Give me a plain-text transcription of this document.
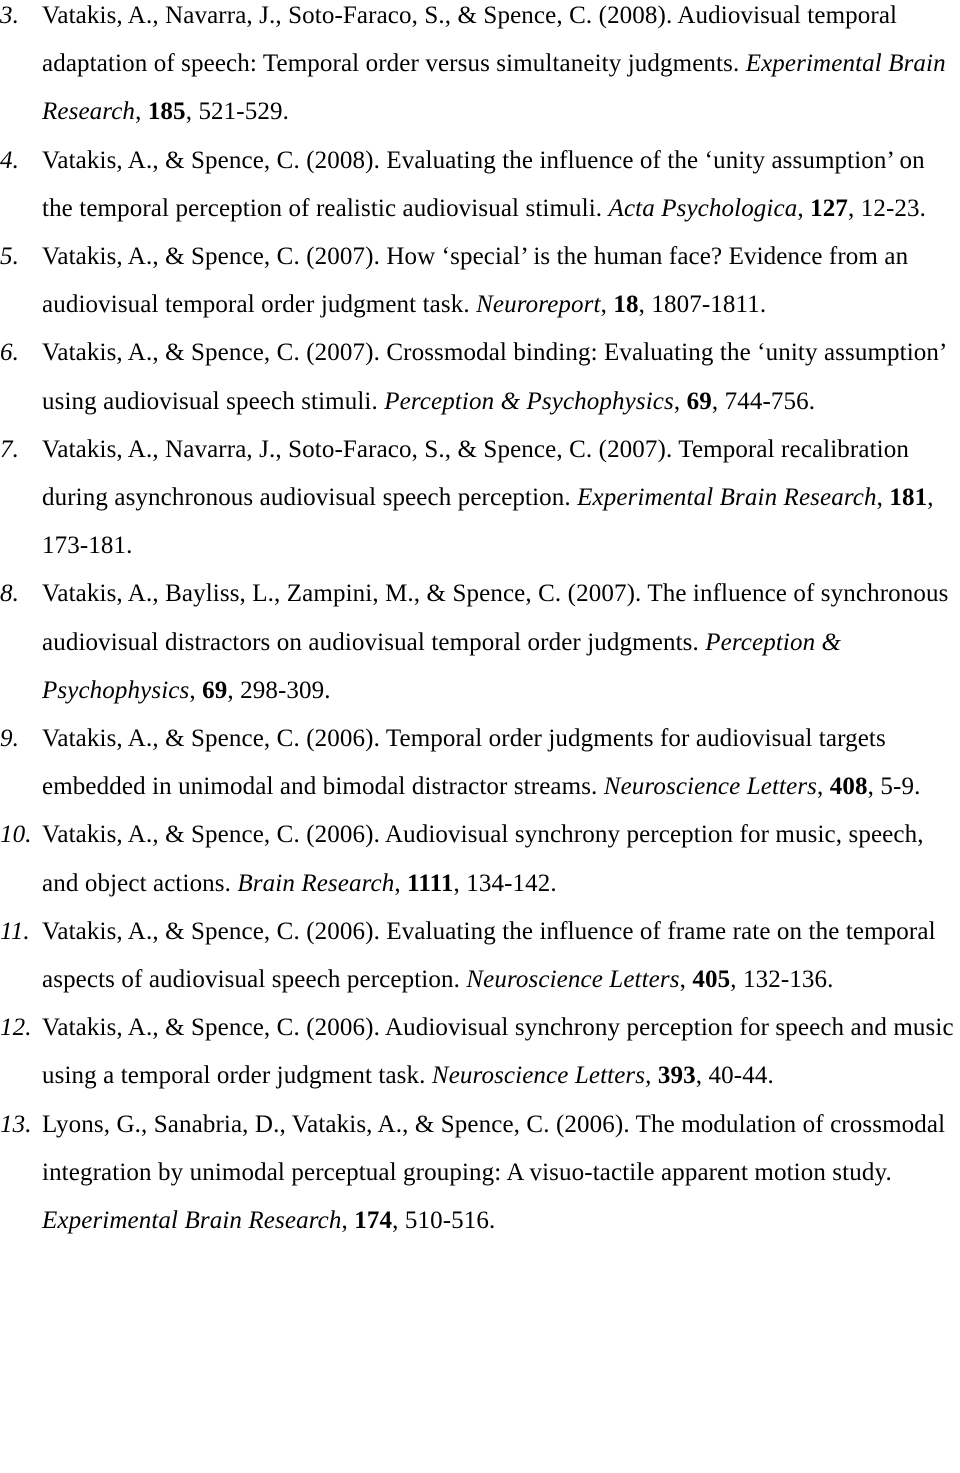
3. Vatakis, A., Navarra, J., Soto-Faraco, S., & Spence, C. (2008). Audiovisual temporal adaptation of speech: Temporal order versus simultaneity judgments. Experimental Brain Research, 185, 521-529.
4. Vatakis, A., & Spence, C. (2008). Evaluating the influence of the ‘unity assumption’ on the temporal perception of realistic audiovisual stimuli. Acta Psychologica, 127, 12-23.
5. Vatakis, A., & Spence, C. (2007). How ‘special’ is the human face? Evidence from an audiovisual temporal order judgment task. Neuroreport, 18, 1807-1811.
6. Vatakis, A., & Spence, C. (2007). Crossmodal binding: Evaluating the ‘unity assumption’ using audiovisual speech stimuli. Perception & Psychophysics, 69, 744-756.
7. Vatakis, A., Navarra, J., Soto-Faraco, S., & Spence, C. (2007). Temporal recalibration during asynchronous audiovisual speech perception. Experimental Brain Research, 181, 173-181.
8. Vatakis, A., Bayliss, L., Zampini, M., & Spence, C. (2007). The influence of synchronous audiovisual distractors on audiovisual temporal order judgments. Perception & Psychophysics, 69, 298-309.
9. Vatakis, A., & Spence, C. (2006). Temporal order judgments for audiovisual targets embedded in unimodal and bimodal distractor streams. Neuroscience Letters, 408, 5-9.
10. Vatakis, A., & Spence, C. (2006). Audiovisual synchrony perception for music, speech, and object actions. Brain Research, 1111, 134-142.
11. Vatakis, A., & Spence, C. (2006). Evaluating the influence of frame rate on the temporal aspects of audiovisual speech perception. Neuroscience Letters, 405, 132-136.
12. Vatakis, A., & Spence, C. (2006). Audiovisual synchrony perception for speech and music using a temporal order judgment task. Neuroscience Letters, 393, 40-44.
13. Lyons, G., Sanabria, D., Vatakis, A., & Spence, C. (2006). The modulation of crossmodal integration by unimodal perceptual grouping: A visuo-tactile apparent motion study. Experimental Brain Research, 174, 510-516.
